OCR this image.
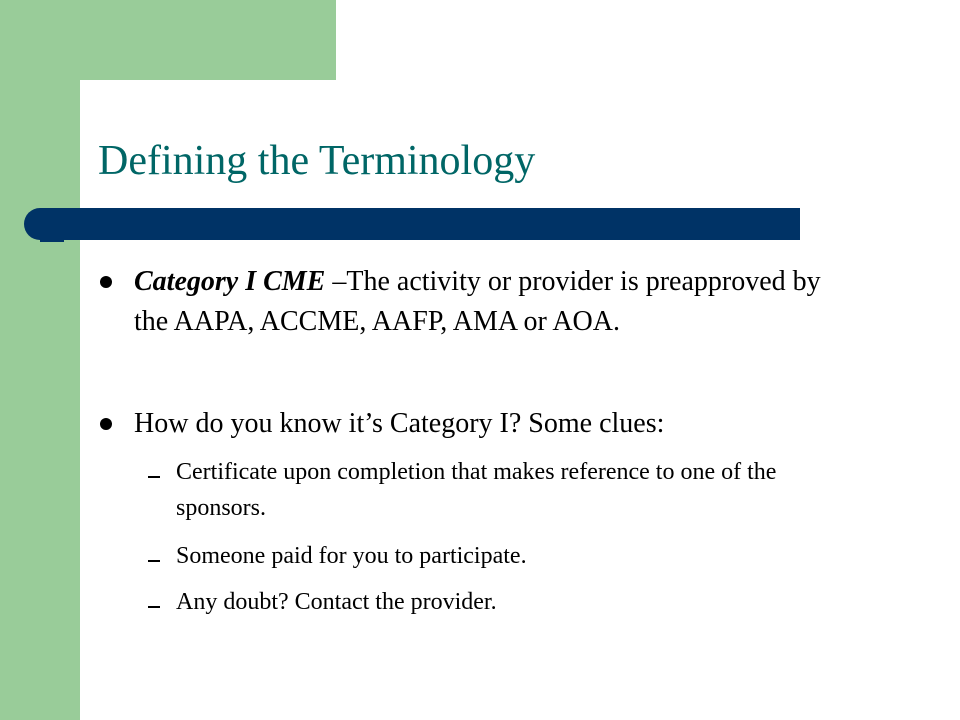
Defining the Terminology

Category I CME –The activity or provider is preapproved by the AAPA, ACCME, AAFP, AMA or AOA.

How do you know it’s Category I? Some clues:

Certificate upon completion that makes reference to one of the sponsors.

Someone paid for you to participate.

Any doubt? Contact the provider.
